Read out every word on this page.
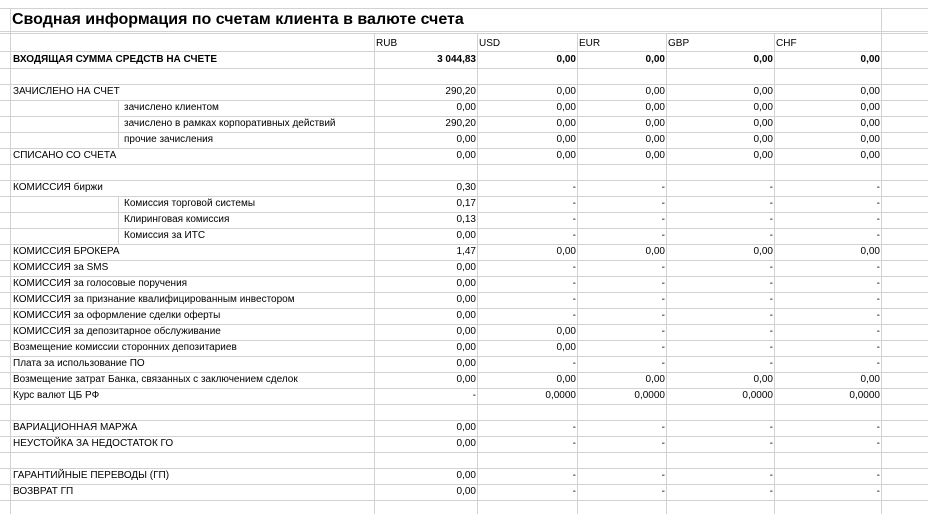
Сводная информация по счетам клиента в валюте счета
RUB	USD	EUR	GBP	CHF
ВХОДЯЩАЯ СУММА СРЕДСТВ НА СЧЕТЕ	3 044,83	0,00	0,00	0,00	0,00
ЗАЧИСЛЕНО НА СЧЕТ	290,20	0,00	0,00	0,00	0,00
зачислено клиентом	0,00	0,00	0,00	0,00	0,00
зачислено в рамках корпоративных действий	290,20	0,00	0,00	0,00	0,00
прочие зачисления	0,00	0,00	0,00	0,00	0,00
СПИСАНО СО СЧЕТА	0,00	0,00	0,00	0,00	0,00
КОМИССИЯ биржи	0,30	-	-	-	-
Комиссия торговой системы	0,17	-	-	-	-
Клиринговая комиссия	0,13	-	-	-	-
Комиссия за ИТС	0,00	-	-	-	-
КОМИССИЯ БРОКЕРА	1,47	0,00	0,00	0,00	0,00
КОМИССИЯ за SMS	0,00	-	-	-	-
КОМИССИЯ за голосовые поручения	0,00	-	-	-	-
КОМИССИЯ за признание квалифицированным инвестором	0,00	-	-	-	-
КОМИССИЯ за оформление сделки оферты	0,00	-	-	-	-
КОМИССИЯ за депозитарное обслуживание	0,00	0,00	-	-	-
Возмещение комиссии сторонних депозитариев	0,00	0,00	-	-	-
Плата за использование ПО	0,00	-	-	-	-
Возмещение затрат Банка, связанных с заключением сделок	0,00	0,00	0,00	0,00	0,00
Курс валют ЦБ РФ	-	0,0000	0,0000	0,0000	0,0000
ВАРИАЦИОННАЯ МАРЖА	0,00	-	-	-	-
НЕУСТОЙКА ЗА НЕДОСТАТОК ГО	0,00	-	-	-	-
ГАРАНТИЙНЫЕ ПЕРЕВОДЫ (ГП)	0,00	-	-	-	-
ВОЗВРАТ ГП	0,00	-	-	-	-
